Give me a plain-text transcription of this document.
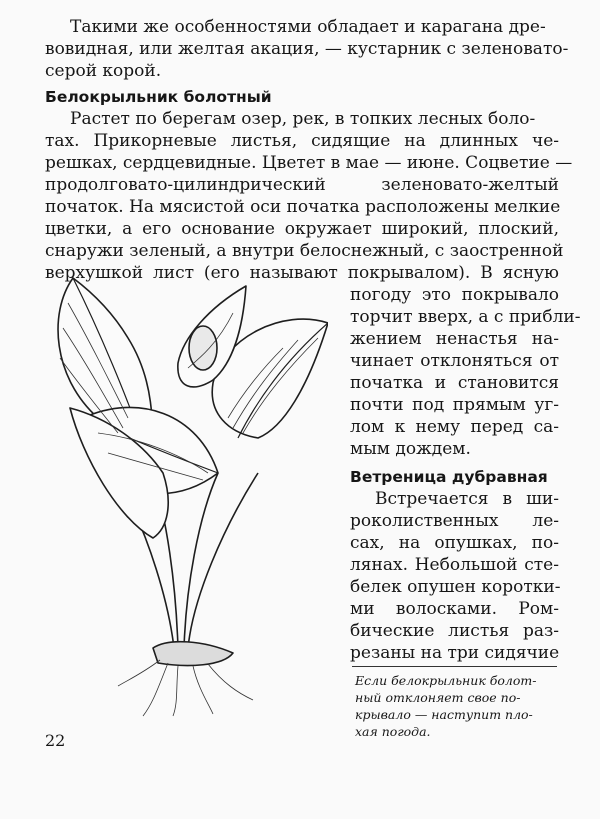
Такими же особенностями обладает и карагана дре-
вовидная, или желтая акация, — кустарник с зеленовато-
серой корой.
Белокрыльник болотный
Растет по берегам озер, рек, в топких лесных боло-
тах. Прикорневые листья, сидящие на длинных че-
решках, сердцевидные. Цветет в мае — июне. Соцветие —
продолговато-цилиндрический зеленовато-желтый
початок. На мясистой оси початка расположены мелкие
цветки, а его основание окружает широкий, плоский,
снаружи зеленый, а внутри белоснежный, с заостренной
верхушкой лист (его называют покрывалом). В ясную
погоду это покрывало
торчит вверх, а с прибли-
жением ненастья на-
чинает отклоняться от
початка и становится
почти под прямым уг-
лом к нему перед са-
мым дождем.
Ветреница дубравная
Встречается в ши-
роколиственных ле-
сах, на опушках, по-
лянах. Небольшой сте-
белек опушен коротки-
ми волосками. Ром-
бические листья раз-
резаны на три сидячие
Если белокрыльник болот-
ный отклоняет свое по-
крывало — наступит пло-
хая погода.
22
